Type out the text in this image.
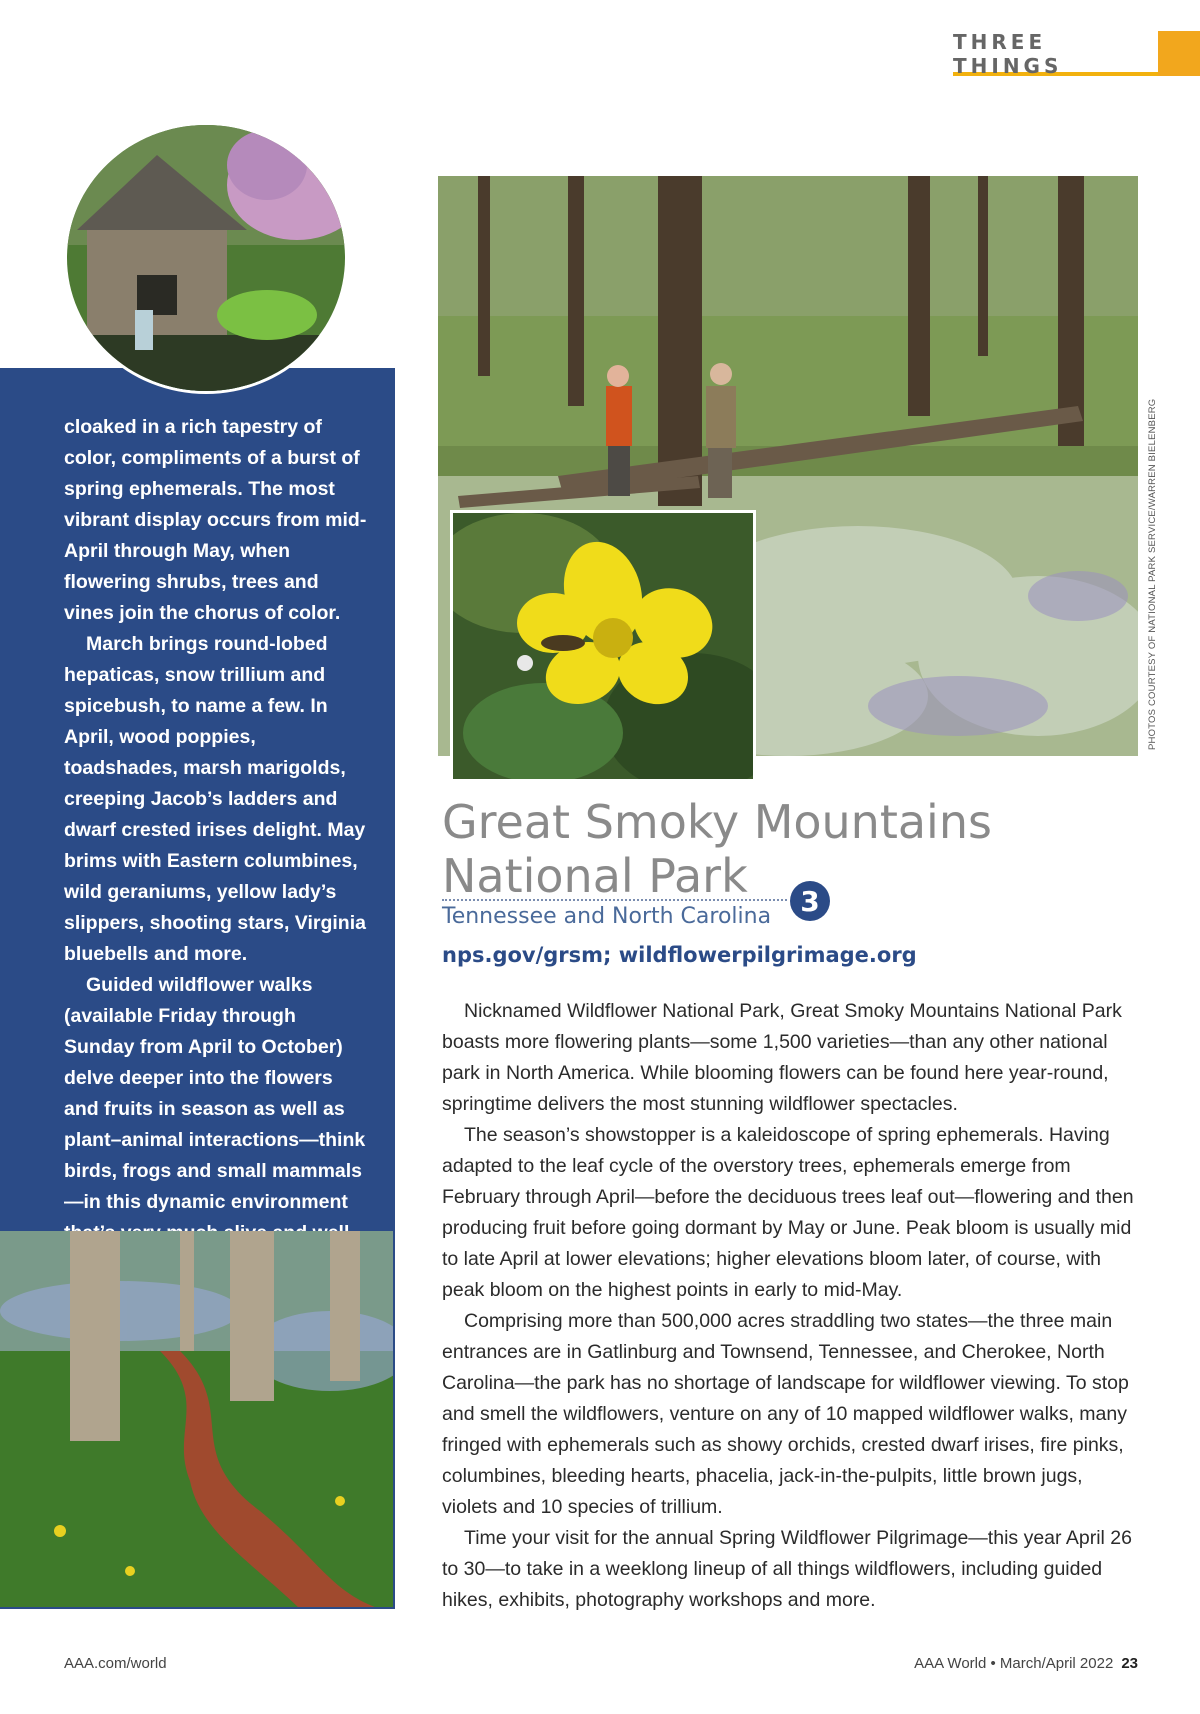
THREE THINGS
PHOTOS COURTESY OF NATIONAL PARK SERVICE/WARREN BIELENBERG

cloaked in a rich tapestry of color, compliments of a burst of spring ephemerals. The most vibrant display occurs from mid-April through May, when flowering shrubs, trees and vines join the chorus of color.

March brings round-lobed hepaticas, snow trillium and spicebush, to name a few. In April, wood poppies, toadshades, marsh marigolds, creeping Jacob’s ladders and dwarf crested irises delight. May brims with Eastern columbines, wild geraniums, yellow lady’s slippers, shooting stars, Virginia bluebells and more.

Guided wildflower walks (available Friday through Sunday from April to October) delve deeper into the flowers and fruits in season as well as plant–animal interactions—think birds, frogs and small mammals—in this dynamic environment

Great Smoky Mountains National Park	3
Tennessee and North Carolina
nps.gov/grsm; wildflowerpilgrimage.org

Nicknamed Wildflower National Park, Great Smoky Mountains National Park boasts more flowering plants—some 1,500 varieties—than any other national park in North America. While blooming flowers can be found here year-round, springtime delivers the most stunning wildflower spectacles.

The season’s showstopper is a kaleidoscope of spring ephemerals. Having adapted to the leaf cycle of the overstory trees, ephemerals emerge from February through April—before the deciduous trees leaf out—flowering and then producing fruit before going dormant by May or June. Peak bloom is usually mid to late April at lower elevations; higher elevations bloom later, of course, with peak bloom on the highest points in early to mid-May.

Comprising more than 500,000 acres straddling two states—the three main entrances are in Gatlinburg and Townsend, Tennessee, and Cherokee, North Carolina—the park has no shortage of landscape for wildflower viewing. To stop and smell the wildflowers, venture on any of 10 mapped wildflower walks, many fringed with ephemerals such as showy orchids, crested dwarf irises, fire pinks, columbines, bleeding hearts, phacelia, jack-in-the-pulpits, little brown jugs, violets and 10 species of trillium.

Time your visit for the annual Spring Wildflower Pilgrimage—this year April 26 to 30—to take in a weeklong lineup of all things wildflowers, including guided hikes, exhibits, photography workshops and more.

AAA.com/world	AAA World • March/April 2022 23
